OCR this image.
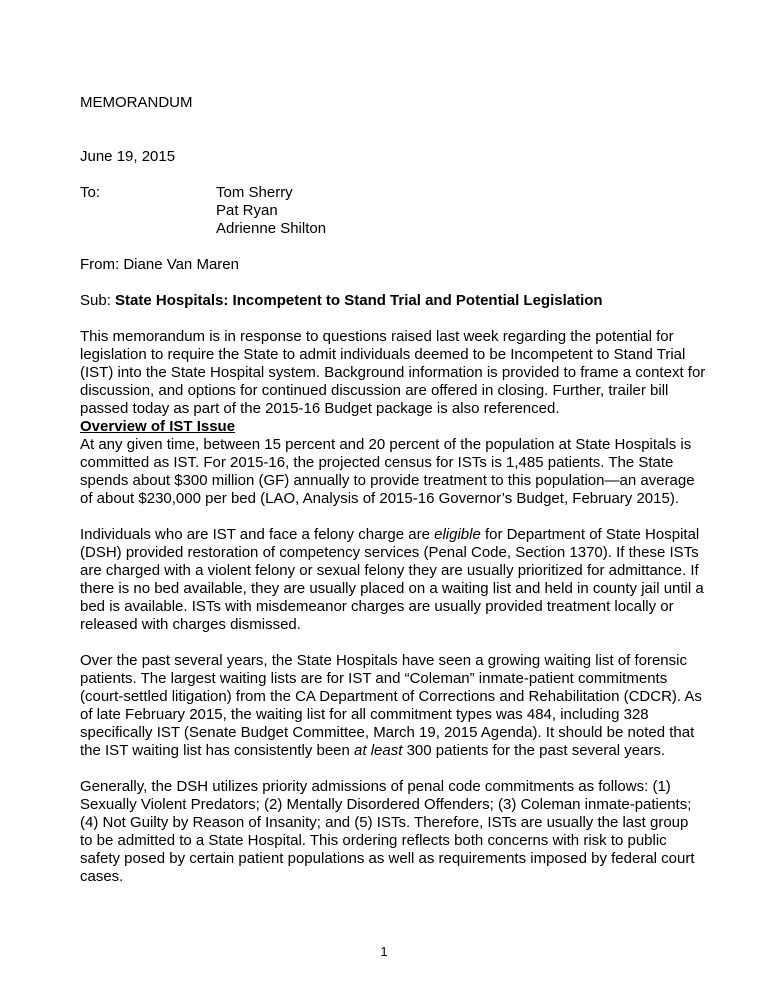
MEMORANDUM
June 19, 2015
To:	Tom Sherry
Pat Ryan
Adrienne Shilton
From: Diane Van Maren
Sub: State Hospitals: Incompetent to Stand Trial and Potential Legislation
This memorandum is in response to questions raised last week regarding the potential for
legislation to require the State to admit individuals deemed to be Incompetent to Stand Trial
(IST) into the State Hospital system. Background information is provided to frame a context for
discussion, and options for continued discussion are offered in closing. Further, trailer bill
passed today as part of the 2015-16 Budget package is also referenced.
Overview of IST Issue
At any given time, between 15 percent and 20 percent of the population at State Hospitals is
committed as IST. For 2015-16, the projected census for ISTs is 1,485 patients. The State
spends about $300 million (GF) annually to provide treatment to this population—an average
of about $230,000 per bed (LAO, Analysis of 2015-16 Governor’s Budget, February 2015).
Individuals who are IST and face a felony charge are eligible for Department of State Hospital
(DSH) provided restoration of competency services (Penal Code, Section 1370). If these ISTs
are charged with a violent felony or sexual felony they are usually prioritized for admittance. If
there is no bed available, they are usually placed on a waiting list and held in county jail until a
bed is available. ISTs with misdemeanor charges are usually provided treatment locally or
released with charges dismissed.
Over the past several years, the State Hospitals have seen a growing waiting list of forensic
patients. The largest waiting lists are for IST and “Coleman” inmate-patient commitments
(court-settled litigation) from the CA Department of Corrections and Rehabilitation (CDCR). As
of late February 2015, the waiting list for all commitment types was 484, including 328
specifically IST (Senate Budget Committee, March 19, 2015 Agenda). It should be noted that
the IST waiting list has consistently been at least 300 patients for the past several years.
Generally, the DSH utilizes priority admissions of penal code commitments as follows: (1)
Sexually Violent Predators; (2) Mentally Disordered Offenders; (3) Coleman inmate-patients;
(4) Not Guilty by Reason of Insanity; and (5) ISTs. Therefore, ISTs are usually the last group
to be admitted to a State Hospital. This ordering reflects both concerns with risk to public
safety posed by certain patient populations as well as requirements imposed by federal court
cases.
1
